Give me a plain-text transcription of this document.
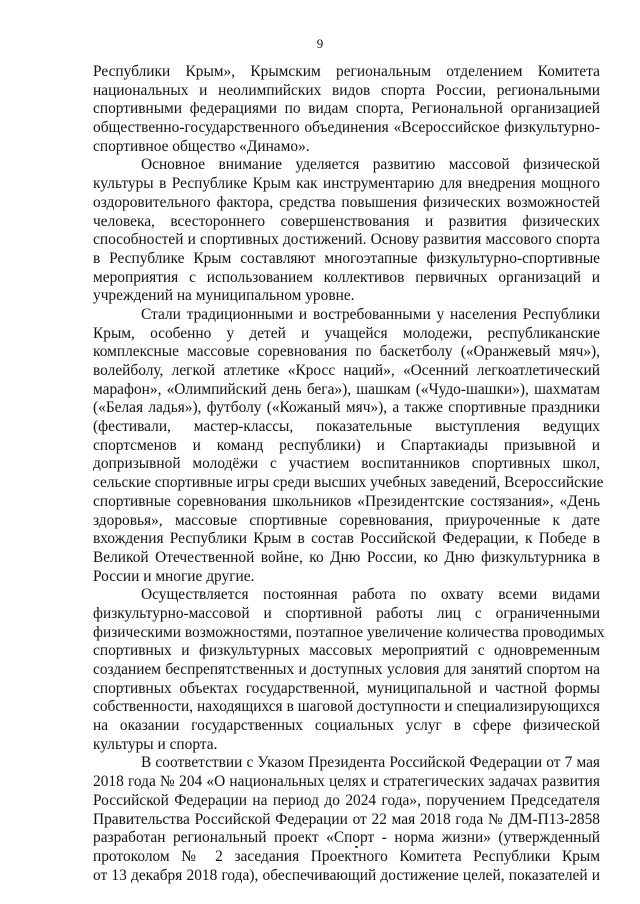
9
Республики Крым», Крымским региональным отделением Комитета
национальных и неолимпийских видов спорта России, региональными
спортивными федерациями по видам спорта, Региональной организацией
общественно-государственного объединения «Всероссийское физкультурно-
спортивное общество «Динамо».
Основное внимание уделяется развитию массовой физической
культуры в Республике Крым как инструментарию для внедрения мощного
оздоровительного фактора, средства повышения физических возможностей
человека, всестороннего совершенствования и развития физических
способностей и спортивных достижений. Основу развития массового спорта
в Республике Крым составляют многоэтапные физкультурно-спортивные
мероприятия с использованием коллективов первичных организаций и
учреждений на муниципальном уровне.
Стали традиционными и востребованными у населения Республики
Крым, особенно у детей и учащейся молодежи, республиканские
комплексные массовые соревнования по баскетболу («Оранжевый мяч»),
волейболу, легкой атлетике «Кросс наций», «Осенний легкоатлетический
марафон», «Олимпийский день бега»), шашкам («Чудо-шашки»), шахматам
(«Белая ладья»), футболу («Кожаный мяч»), а также спортивные праздники
(фестивали, мастер-классы, показательные выступления ведущих
спортсменов и команд республики) и Спартакиады призывной и
допризывной молодёжи с участием воспитанников спортивных школ,
сельские спортивные игры среди высших учебных заведений, Всероссийские
спортивные соревнования школьников «Президентские состязания», «День
здоровья», массовые спортивные соревнования, приуроченные к дате
вхождения Республики Крым в состав Российской Федерации, к Победе в
Великой Отечественной войне, ко Дню России, ко Дню физкультурника в
России и многие другие.
Осуществляется постоянная работа по охвату всеми видами
физкультурно-массовой и спортивной работы лиц с ограниченными
физическими возможностями, поэтапное увеличение количества проводимых
спортивных и физкультурных массовых мероприятий с одновременным
созданием беспрепятственных и доступных условия для занятий спортом на
спортивных объектах государственной, муниципальной и частной формы
собственности, находящихся в шаговой доступности и специализирующихся
на оказании государственных социальных услуг в сфере физической
культуры и спорта.
В соответствии с Указом Президента Российской Федерации от 7 мая
2018 года № 204 «О национальных целях и стратегических задачах развития
Российской Федерации на период до 2024 года», поручением Председателя
Правительства Российской Федерации от 22 мая 2018 года № ДМ-П13-2858
разработан региональный проект «Спорт - норма жизни» (утвержденный
протоколом № 2 заседания Проектного Комитета Республики Крым
от 13 декабря 2018 года), обеспечивающий достижение целей, показателей и
